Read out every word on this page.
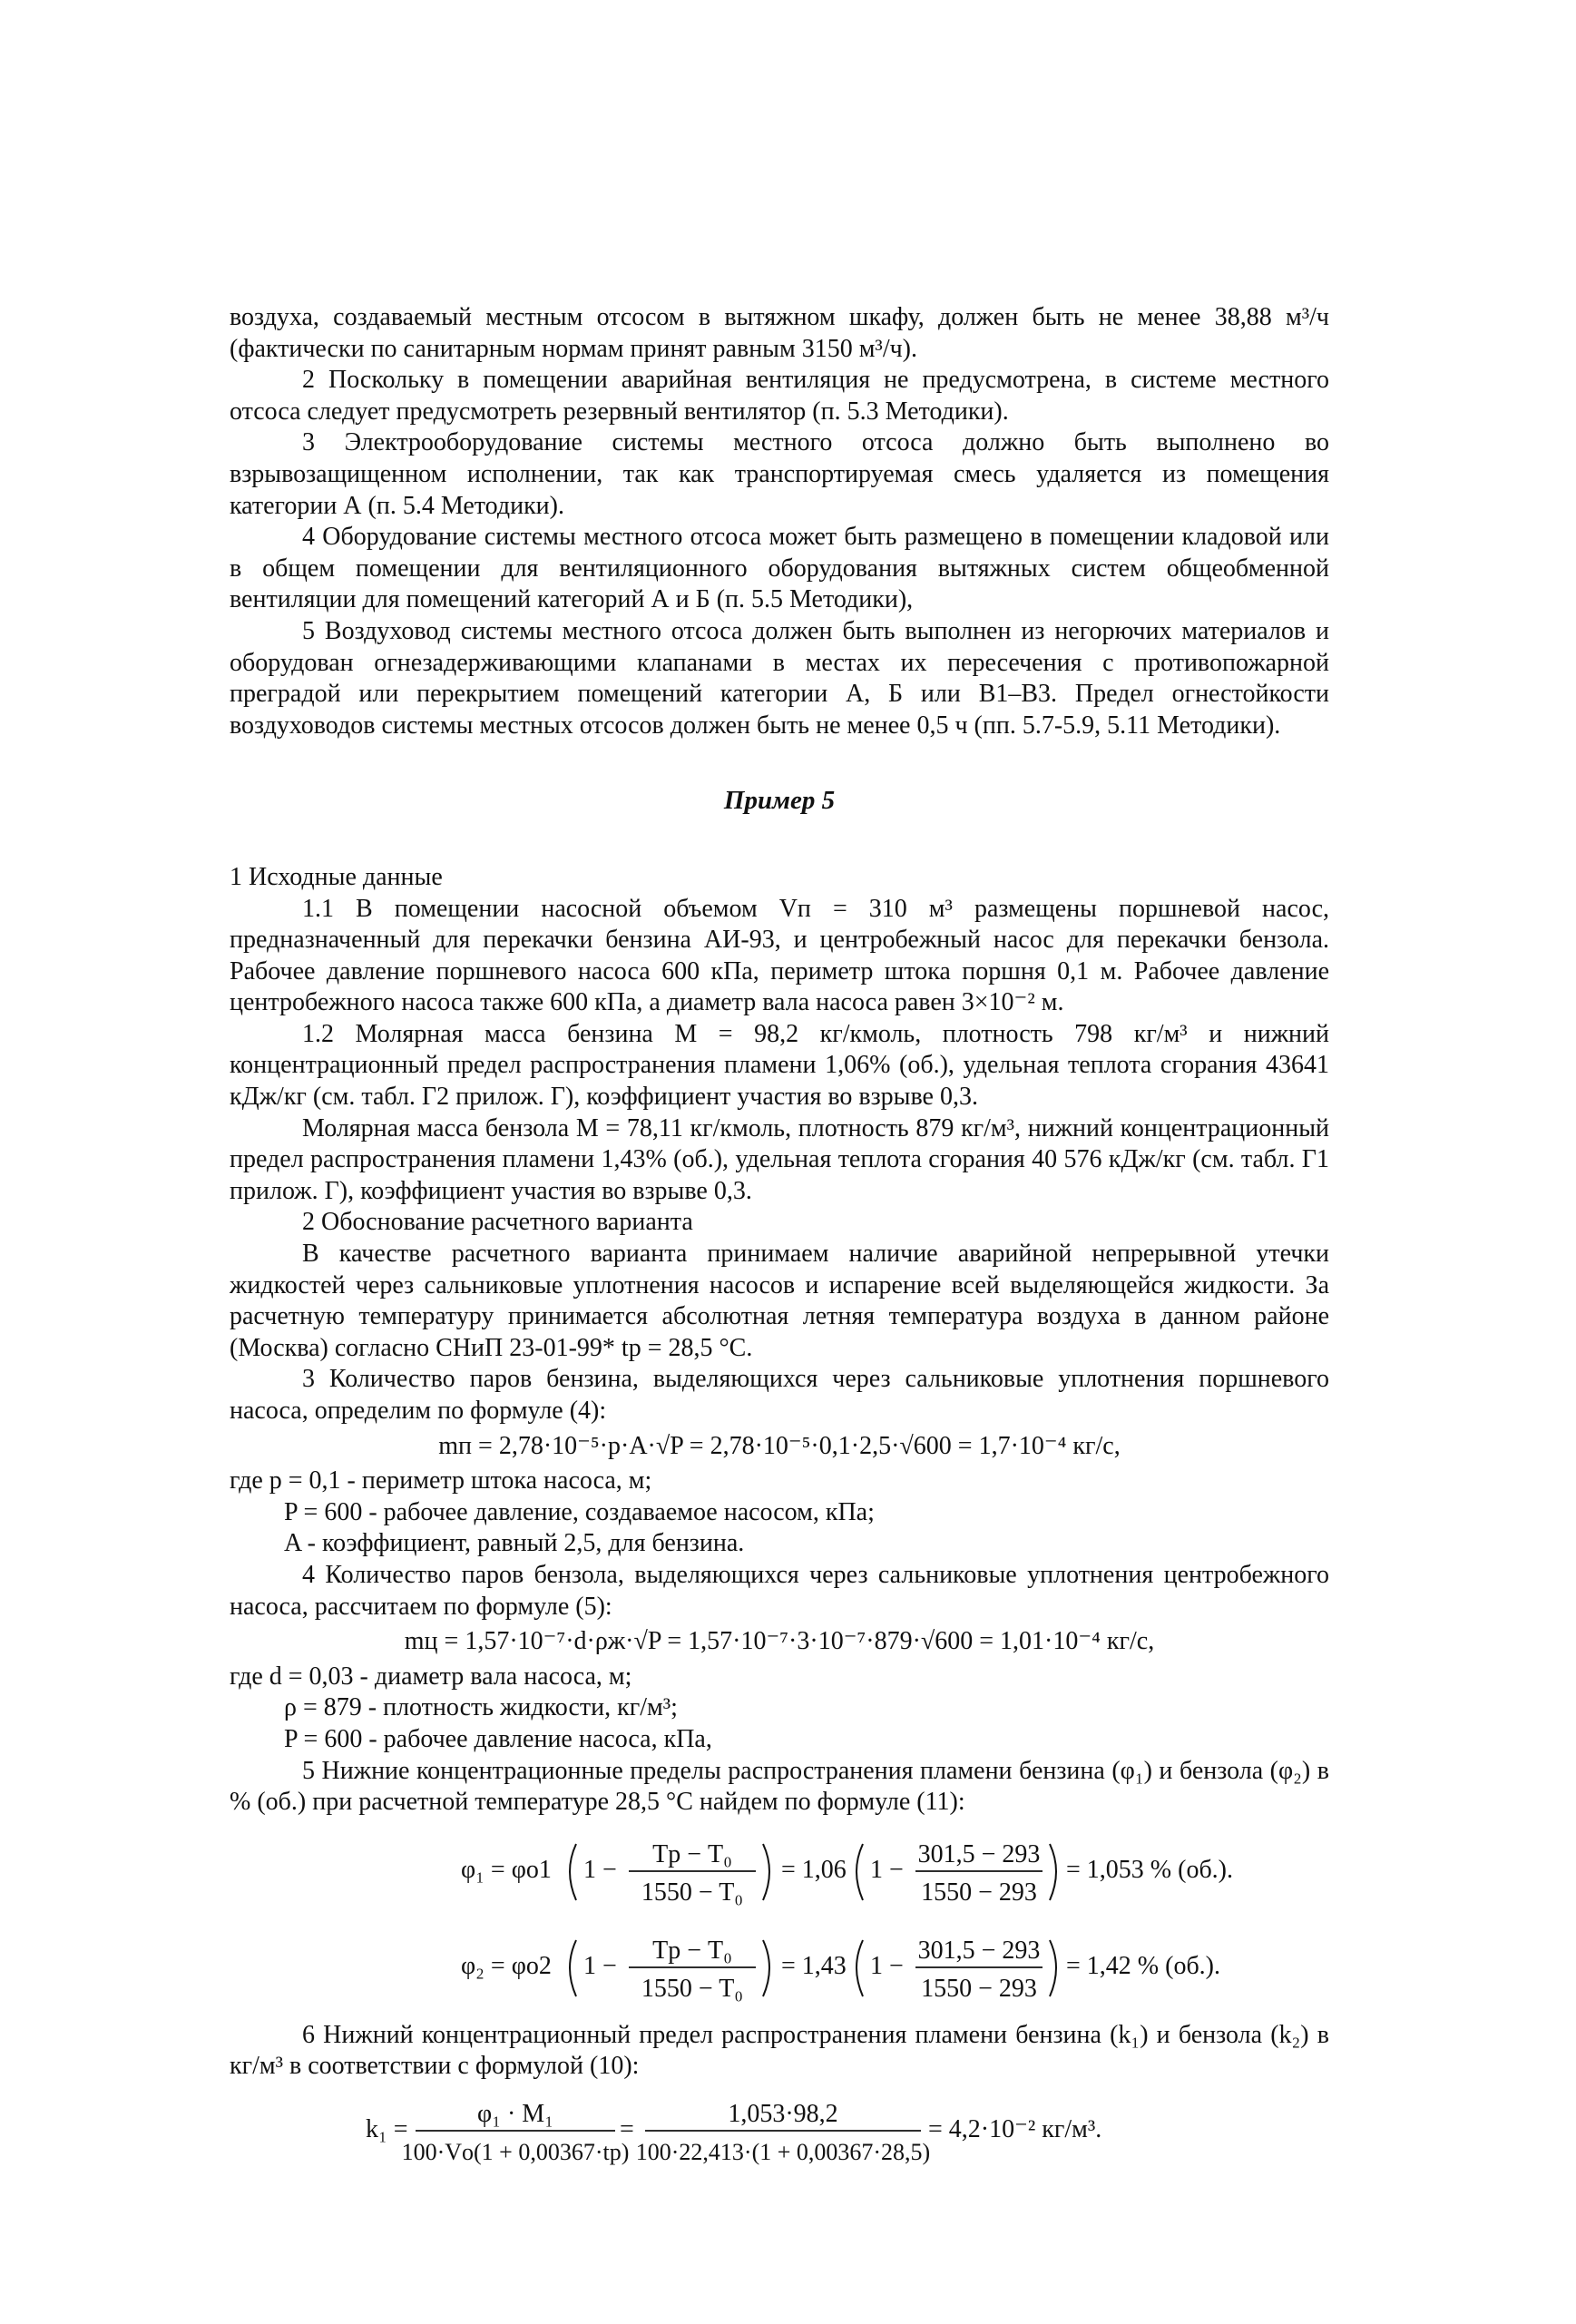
воздуха, создаваемый местным отсосом в вытяжном шкафу, должен быть не менее 38,88 м³/ч (фактически по санитарным нормам принят равным 3150 м³/ч).

2 Поскольку в помещении аварийная вентиляция не предусмотрена, в системе местного отсоса следует предусмотреть резервный вентилятор (п. 5.3 Методики).

3 Электрооборудование системы местного отсоса должно быть выполнено во взрывозащищенном исполнении, так как транспортируемая смесь удаляется из помещения категории А (п. 5.4 Методики).

4 Оборудование системы местного отсоса может быть размещено в помещении кладовой или в общем помещении для вентиляционного оборудования вытяжных систем общеобменной вентиляции для помещений категорий А и Б (п. 5.5 Методики),

5 Воздуховод системы местного отсоса должен быть выполнен из негорючих материалов и оборудован огнезадерживающими клапанами в местах их пересечения с противопожарной преградой или перекрытием помещений категории А, Б или В1–В3. Предел огнестойкости воздуховодов системы местных отсосов должен быть не менее 0,5 ч (пп. 5.7-5.9, 5.11 Методики).

Пример 5

1 Исходные данные

1.1 В помещении насосной объемом Vп = 310 м³ размещены поршневой насос, предназначенный для перекачки бензина АИ-93, и центробежный насос для перекачки бензола. Рабочее давление поршневого насоса 600 кПа, периметр штока поршня 0,1 м. Рабочее давление центробежного насоса также 600 кПа, а диаметр вала насоса равен 3×10⁻² м.

1.2 Молярная масса бензина M = 98,2 кг/кмоль, плотность 798 кг/м³ и нижний концентрационный предел распространения пламени 1,06% (об.), удельная теплота сгорания 43641 кДж/кг (см. табл. Г2 прилож. Г), коэффициент участия во взрыве 0,3.

Молярная масса бензола M = 78,11 кг/кмоль, плотность 879 кг/м³, нижний концентрационный предел распространения пламени 1,43% (об.), удельная теплота сгорания 40 576 кДж/кг (см. табл. Г1 прилож. Г), коэффициент участия во взрыве 0,3.

2 Обоснование расчетного варианта

В качестве расчетного варианта принимаем наличие аварийной непрерывной утечки жидкостей через сальниковые уплотнения насосов и испарение всей выделяющейся жидкости. За расчетную температуру принимается абсолютная летняя температура воздуха в данном районе (Москва) согласно СНиП 23-01-99* tр = 28,5 °С.

3 Количество паров бензина, выделяющихся через сальниковые уплотнения поршневого насоса, определим по формуле (4):

mп = 2,78·10⁻⁵·p·A·√P = 2,78·10⁻⁵·0,1·2,5·√600 = 1,7·10⁻⁴ кг/с,

где p = 0,1 - периметр штока насоса, м;

P = 600 - рабочее давление, создаваемое насосом, кПа;

A - коэффициент, равный 2,5, для бензина.

4 Количество паров бензола, выделяющихся через сальниковые уплотнения центробежного насоса, рассчитаем по формуле (5):

mц = 1,57·10⁻⁷·d·ρж·√P = 1,57·10⁻⁷·3·10⁻⁷·879·√600 = 1,01·10⁻⁴ кг/с,

где d = 0,03 - диаметр вала насоса, м;

ρ = 879 - плотность жидкости, кг/м³;

P = 600 - рабочее давление насоса, кПа,

5 Нижние концентрационные пределы распространения пламени бензина (φ₁) и бензола (φ₂) в % (об.) при расчетной температуре 28,5 °С найдем по формуле (11):

φ₁ = φо1 1 −
Tр − T₀
1550 − T₀
= 1,06 1 −
301,5 − 293
1550 − 293
= 1,053 % (об.).
φ₂ = φо2 1 −
Tр − T₀
1550 − T₀
= 1,43 1 −
301,5 − 293
1550 − 293
= 1,42 % (об.).

6 Нижний концентрационный предел распространения пламени бензина (k₁) и бензола (k₂) в кг/м³ в соответствии с формулой (10):

k₁ =
φ₁ · M₁
100·Vо(1 + 0,00367·tр)
=
1,053·98,2
100·22,413·(1 + 0,00367·28,5)
= 4,2·10⁻² кг/м³.
